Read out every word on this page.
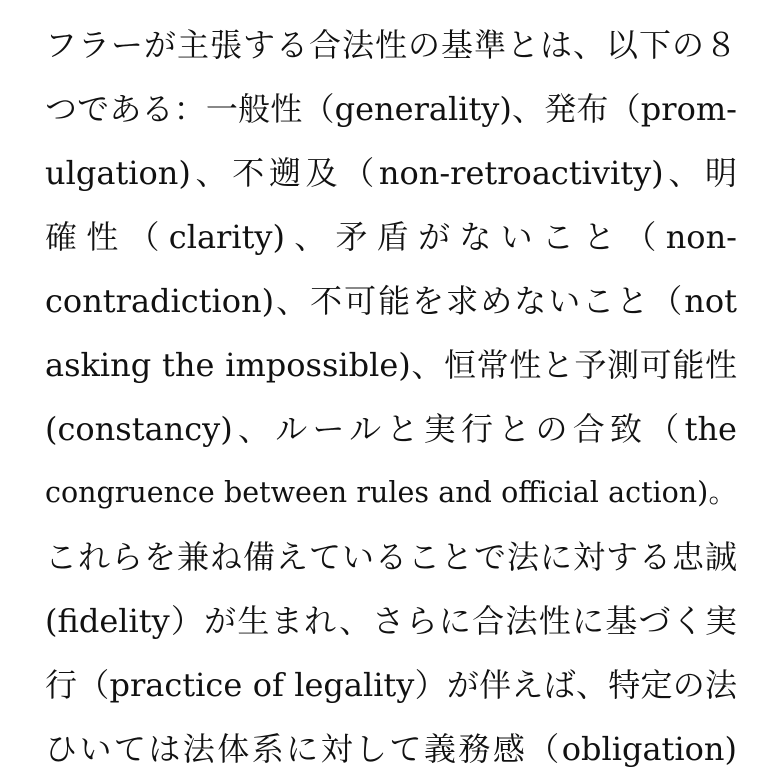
フラーが主張する合法性の基準とは、以下の８
つである：一般性（generality)、発布（prom-
ulgation)、不遡及（non-retroactivity)、明
確性（clarity)、矛盾がないこと（non-
contradiction)、不可能を求めないこと（not
asking the impossible)、恒常性と予測可能性
(constancy)、ルールと実行との合致（the
congruence between rules and official action)。
これらを兼ね備えていることで法に対する忠誠
(fidelity）が生まれ、さらに合法性に基づく実
行（practice of legality）が伴えば、特定の法
ひいては法体系に対して義務感（obligation)
